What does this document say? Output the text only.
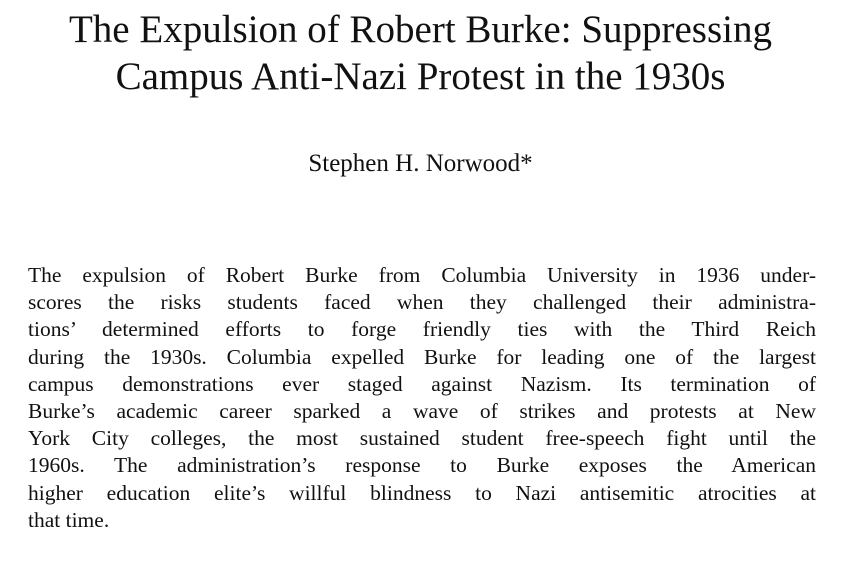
The Expulsion of Robert Burke: Suppressing
Campus Anti-Nazi Protest in the 1930s
Stephen H. Norwood*

The expulsion of Robert Burke from Columbia University in 1936 under-
scores the risks students faced when they challenged their administra-
tions’ determined efforts to forge friendly ties with the Third Reich
during the 1930s. Columbia expelled Burke for leading one of the largest
campus demonstrations ever staged against Nazism. Its termination of
Burke’s academic career sparked a wave of strikes and protests at New
York City colleges, the most sustained student free-speech fight until the
1960s. The administration’s response to Burke exposes the American
higher education elite’s willful blindness to Nazi antisemitic atrocities at
that time.
